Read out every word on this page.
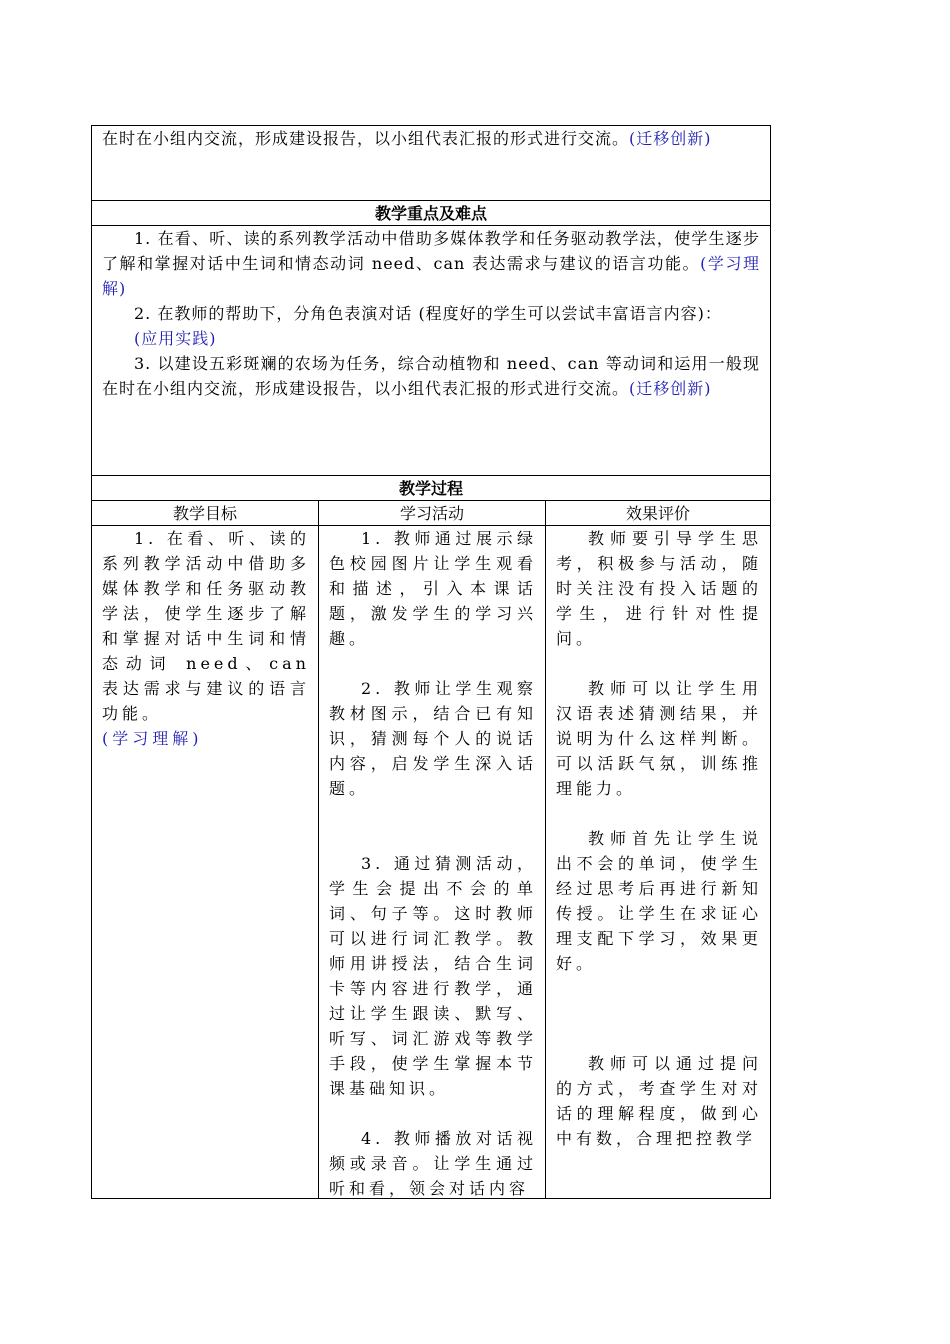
在时在小组内交流，形成建设报告，以小组代表汇报的形式进行交流。(迁移创新)

教学重点及难点

1. 在看、听、读的系列教学活动中借助多媒体教学和任务驱动教学法，使学生逐步了解和掌握对话中生词和情态动词 need、can 表达需求与建议的语言功能。(学习理解)

2. 在教师的帮助下，分角色表演对话 (程度好的学生可以尝试丰富语言内容)：

(应用实践)

3. 以建设五彩斑斓的农场为任务，综合动植物和 need、can 等动词和运用一般现在时在小组内交流，形成建设报告，以小组代表汇报的形式进行交流。(迁移创新)

教学过程
教学目标	学习活动	效果评价

1. 在看、听、读的系列教学活动中借助多媒体教学和任务驱动教学法，使学生逐步了解和掌握对话中生词和情态动词 need、can 表达需求与建议的语言功能。

(学习理解)

1. 教师通过展示绿色校园图片让学生观看和描述，引入本课话题，激发学生的学习兴趣。

2. 教师让学生观察教材图示，结合已有知识，猜测每个人的说话内容，启发学生深入话题。

3. 通过猜测活动，学生会提出不会的单词、句子等。这时教师可以进行词汇教学。教师用讲授法，结合生词卡等内容进行教学，通过让学生跟读、默写、听写、词汇游戏等教学手段，使学生掌握本节课基础知识。

4. 教师播放对话视频或录音。让学生通过听和看，领会对话内容

教师要引导学生思考，积极参与活动，随时关注没有投入话题的学生，进行针对性提问。

教师可以让学生用汉语表述猜测结果，并说明为什么这样判断。可以活跃气氛，训练推理能力。

教师首先让学生说出不会的单词，使学生经过思考后再进行新知传授。让学生在求证心理支配下学习，效果更好。

教师可以通过提问的方式，考查学生对对话的理解程度，做到心中有数，合理把控教学
